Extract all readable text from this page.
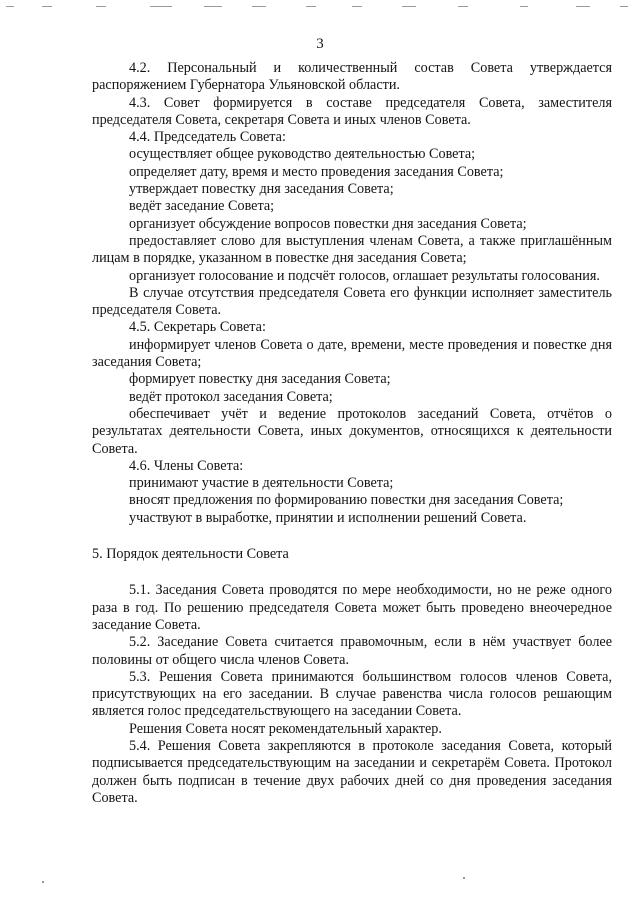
3
4.2. Персональный и количественный состав Совета утверждается распоряжением Губернатора Ульяновской области.
4.3. Совет формируется в составе председателя Совета, заместителя председателя Совета, секретаря Совета и иных членов Совета.
4.4. Председатель Совета:
осуществляет общее руководство деятельностью Совета;
определяет дату, время и место проведения заседания Совета;
утверждает повестку дня заседания Совета;
ведёт заседание Совета;
организует обсуждение вопросов повестки дня заседания Совета;
предоставляет слово для выступления членам Совета, а также приглашённым лицам в порядке, указанном в повестке дня заседания Совета;
организует голосование и подсчёт голосов, оглашает результаты голосования.
В случае отсутствия председателя Совета его функции исполняет заместитель председателя Совета.
4.5. Секретарь Совета:
информирует членов Совета о дате, времени, месте проведения и повестке дня заседания Совета;
формирует повестку дня заседания Совета;
ведёт протокол заседания Совета;
обеспечивает учёт и ведение протоколов заседаний Совета, отчётов о результатах деятельности Совета, иных документов, относящихся к деятельности Совета.
4.6. Члены Совета:
принимают участие в деятельности Совета;
вносят предложения по формированию повестки дня заседания Совета;
участвуют в выработке, принятии и исполнении решений Совета.
5. Порядок деятельности Совета
5.1. Заседания Совета проводятся по мере необходимости, но не реже одного раза в год. По решению председателя Совета может быть проведено внеочередное заседание Совета.
5.2. Заседание Совета считается правомочным, если в нём участвует более половины от общего числа членов Совета.
5.3. Решения Совета принимаются большинством голосов членов Совета, присутствующих на его заседании. В случае равенства числа голосов решающим является голос председательствующего на заседании Совета.
Решения Совета носят рекомендательный характер.
5.4. Решения Совета закрепляются в протоколе заседания Совета, который подписывается председательствующим на заседании и секретарём Совета. Протокол должен быть подписан в течение двух рабочих дней со дня проведения заседания Совета.
